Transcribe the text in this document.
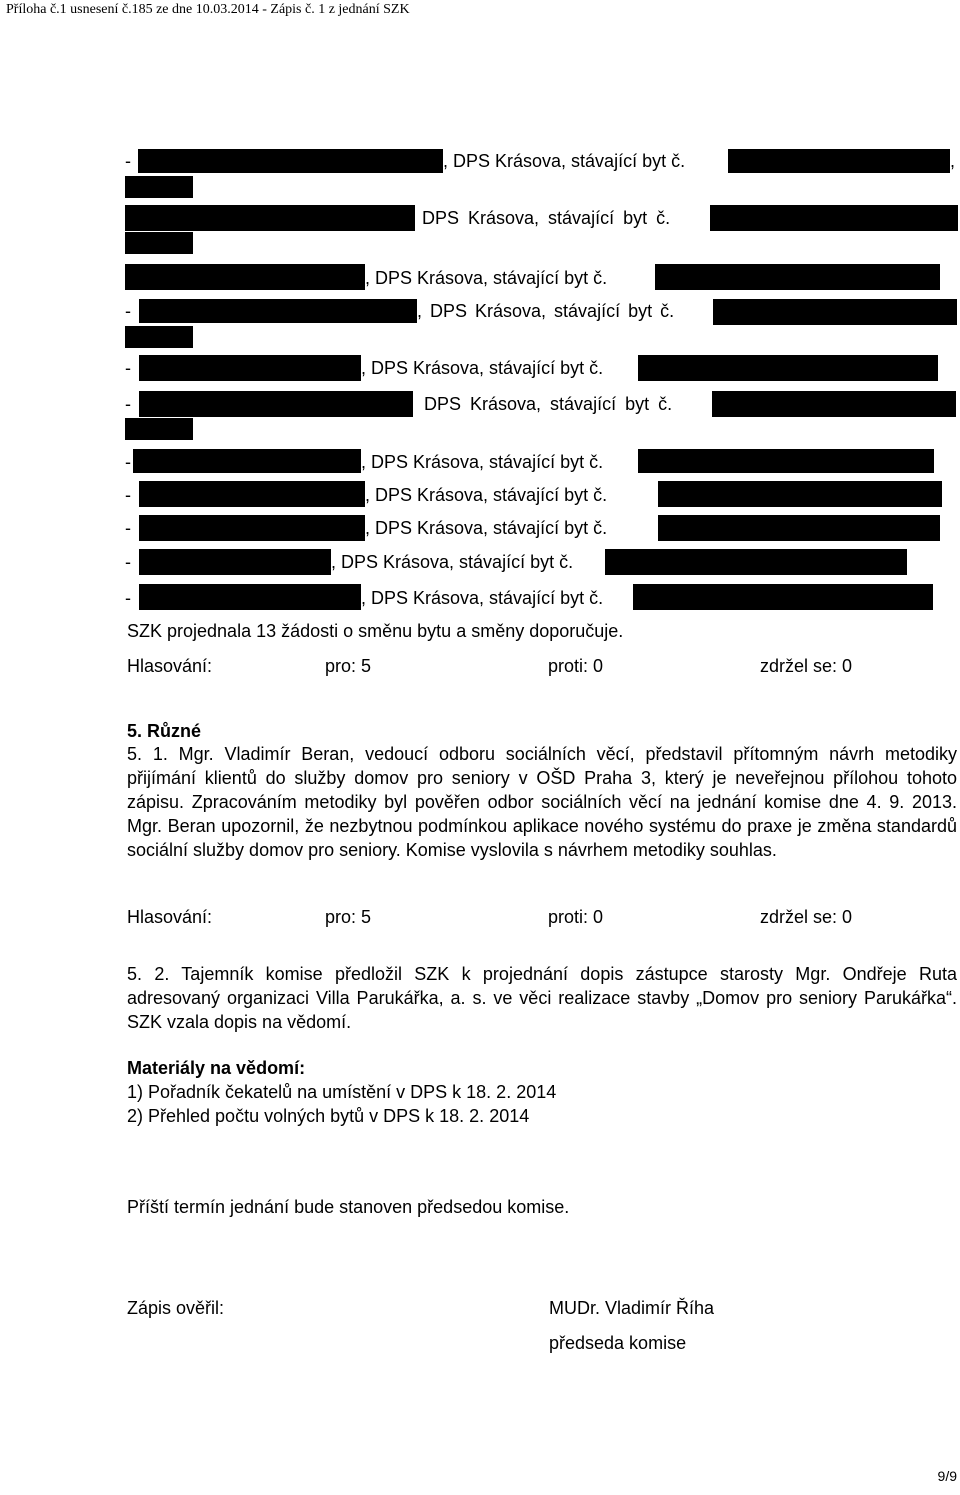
Příloha č.1 usnesení č.185 ze dne 10.03.2014 - Zápis č. 1 z jednání SZK
-	, DPS Krásova, stávající byt č.	,
, DPS Krásova, stávající byt č.
, DPS Krásova, stávající byt č.
-	, DPS Krásova, stávající byt č.
-	, DPS Krásova, stávající byt č.
-	DPS Krásova, stávající byt č.
-	, DPS Krásova, stávající byt č.
-	, DPS Krásova, stávající byt č.
-	, DPS Krásova, stávající byt č.
-	, DPS Krásova, stávající byt č.
-	, DPS Krásova, stávající byt č.
SZK projednala 13 žádosti o směnu bytu a směny doporučuje.
Hlasování:	pro: 5	proti: 0	zdržel se: 0
5. Různé
5. 1. Mgr. Vladimír Beran, vedoucí odboru sociálních věcí, představil přítomným návrh metodiky přijímání klientů do služby domov pro seniory v OŠD Praha 3, který je neveřejnou přílohou tohoto zápisu. Zpracováním metodiky byl pověřen odbor sociálních věcí na jednání komise dne 4. 9. 2013. Mgr. Beran upozornil, že nezbytnou podmínkou aplikace nového systému do praxe je změna standardů sociální služby domov pro seniory. Komise vyslovila s návrhem metodiky souhlas.
Hlasování:	pro: 5	proti: 0	zdržel se: 0
5. 2. Tajemník komise předložil SZK k projednání dopis zástupce starosty Mgr. Ondřeje Ruta adresovaný organizaci Villa Parukářka, a. s. ve věci realizace stavby „Domov pro seniory Parukářka“. SZK vzala dopis na vědomí.
Materiály na vědomí:
1) Pořadník čekatelů na umístění v DPS k 18. 2. 2014
2) Přehled počtu volných bytů v DPS k 18. 2. 2014
Příští termín jednání bude stanoven předsedou komise.
Zápis ověřil:	MUDr. Vladimír Říha
předseda komise
9/9
